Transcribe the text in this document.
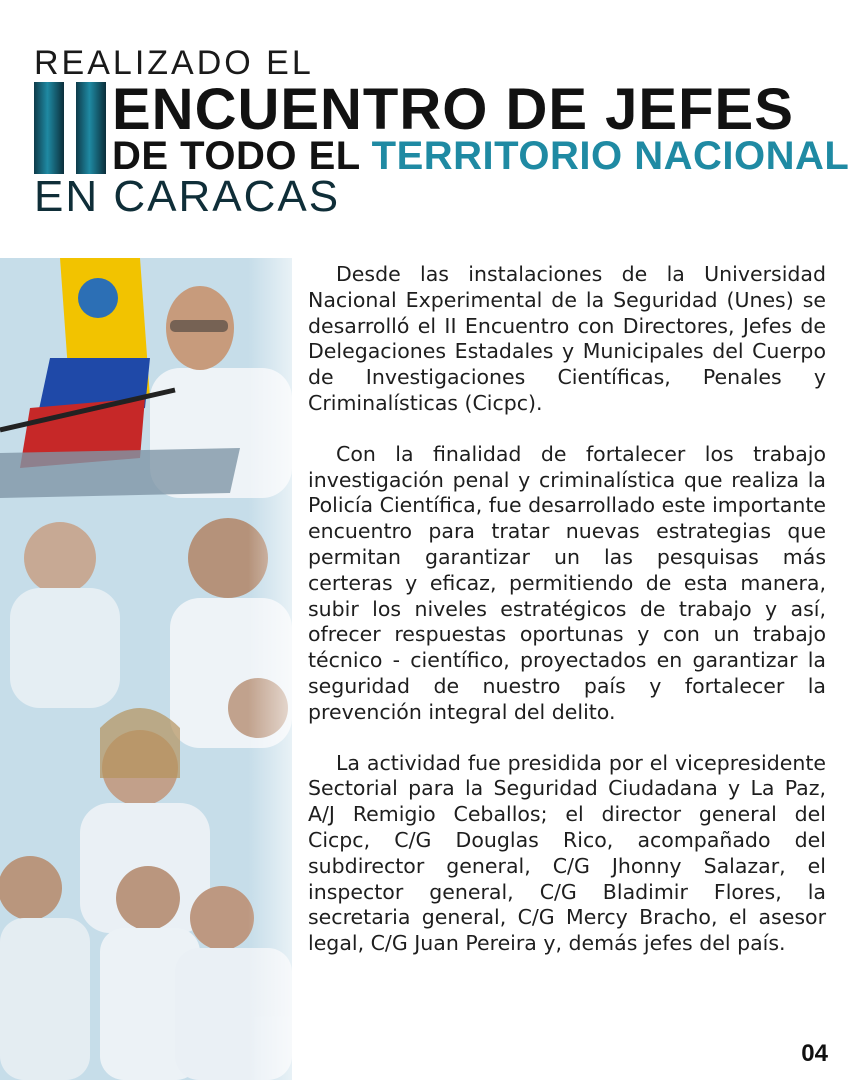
REALIZADO EL
ENCUENTRO DE JEFES
DE TODO EL TERRITORIO NACIONAL
EN CARACAS

Desde las instalaciones de la Universidad Nacional Experimental de la Seguridad (Unes) se desarrolló el II Encuentro con Directores, Jefes de Delegaciones Estadales y Municipales del Cuerpo de Investigaciones Científicas, Penales y Criminalísticas (Cicpc).

Con la finalidad de fortalecer los trabajo investigación penal y criminalística que realiza la Policía Científica, fue desarrollado este importante encuentro para tratar nuevas estrategias que permitan garantizar un las pesquisas más certeras y eficaz, permitiendo de esta manera, subir los niveles estratégicos de trabajo y así, ofrecer respuestas oportunas y con un trabajo técnico - científico, proyectados en garantizar la seguridad de nuestro país y fortalecer la prevención integral del delito.

La actividad fue presidida por el vicepresidente Sectorial para la Seguridad Ciudadana y La Paz, A/J Remigio Ceballos; el director general del Cicpc, C/G Douglas Rico, acompañado del subdirector general, C/G Jhonny Salazar, el inspector general, C/G Bladimir Flores, la secretaria general, C/G Mercy Bracho, el asesor legal, C/G Juan Pereira y, demás jefes del país.

04
